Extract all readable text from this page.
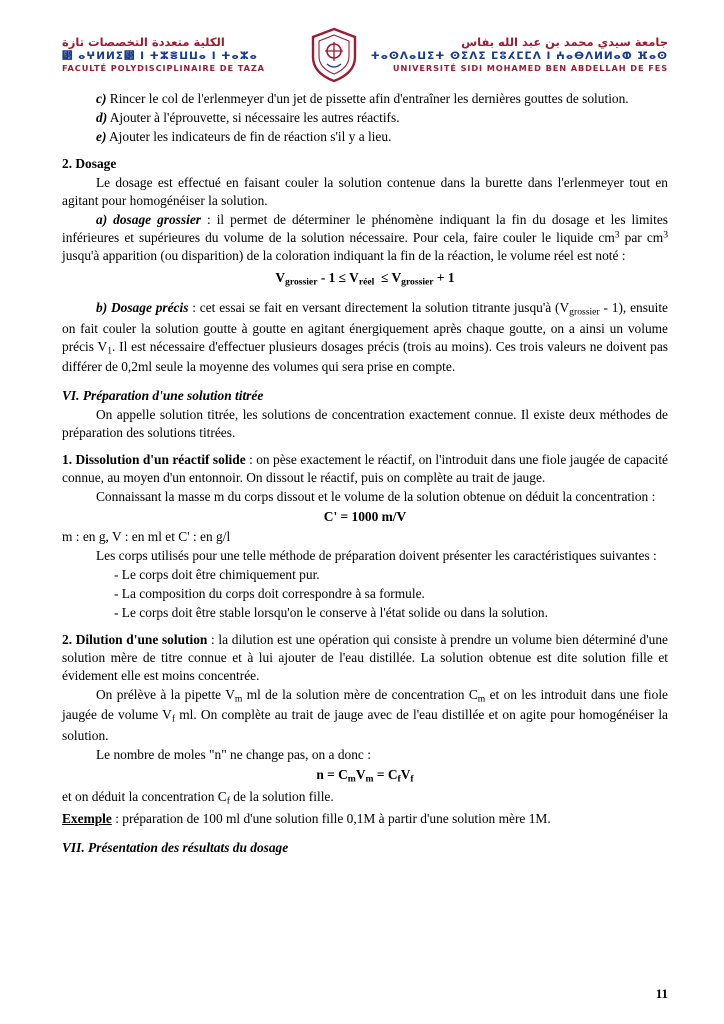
الكلية متعددة التخصصات تازة
⵲ ⴰⵖⵍⵍⵉ⵲ ⵏ ⵜⵣⴻⵡⵡⴰ ⵏ ⵜⴰⵣⴰ
FACULTÉ POLYDISCIPLINAIRE DE TAZA
جامعة سيدي محمد بن عبد الله بفاس
ⵜⴰⵙⴷⴰⵡⵉⵜ ⵙⵉⴷⵉ ⵎⵓⵃⵎⵎⴷ ⵏ ⵄⴰⴱⴷⵍⵍⴰⵀ ⴼⴰⵙ
UNIVERSITÉ SIDI MOHAMED BEN ABDELLAH DE FES

c) Rincer le col de l'erlenmeyer d'un jet de pissette afin d'entraîner les dernières gouttes de solution.

d) Ajouter à l'éprouvette, si nécessaire les autres réactifs.

e) Ajouter les indicateurs de fin de réaction s'il y a lieu.

2. Dosage

Le dosage est effectué en faisant couler la solution contenue dans la burette dans l'erlenmeyer tout en agitant pour homogénéiser la solution.

a) dosage grossier : il permet de déterminer le phénomène indiquant la fin du dosage et les limites inférieures et supérieures du volume de la solution nécessaire. Pour cela, faire couler le liquide $cm^3$ par $cm^3$ jusqu'à apparition (ou disparition) de la coloration indiquant la fin de la réaction, le volume réel est noté :

$V_{grossier} - 1 \le V_{réel} \le V_{grossier} + 1$

b) Dosage précis : cet essai se fait en versant directement la solution titrante jusqu'à $(V_{grossier} - 1)$, ensuite on fait couler la solution goutte à goutte en agitant énergiquement après chaque goutte, on a ainsi un volume précis $V_1$. Il est nécessaire d'effectuer plusieurs dosages précis (trois au moins). Ces trois valeurs ne doivent pas différer de 0,2ml seule la moyenne des volumes qui sera prise en compte.

VI. Préparation d'une solution titrée

On appelle solution titrée, les solutions de concentration exactement connue. Il existe deux méthodes de préparation des solutions titrées.

1. Dissolution d'un réactif solide : on pèse exactement le réactif, on l'introduit dans une fiole jaugée de capacité connue, au moyen d'un entonnoir. On dissout le réactif, puis on complète au trait de jauge.

Connaissant la masse m du corps dissout et le volume de la solution obtenue on déduit la concentration :

C' = 1000 m/V

m : en g, V : en ml et C' : en g/l

Les corps utilisés pour une telle méthode de préparation doivent présenter les caractéristiques suivantes :

- Le corps doit être chimiquement pur.

- La composition du corps doit correspondre à sa formule.

- Le corps doit être stable lorsqu'on le conserve à l'état solide ou dans la solution.

2. Dilution d'une solution : la dilution est une opération qui consiste à prendre un volume bien déterminé d'une solution mère de titre connue et à lui ajouter de l'eau distillée. La solution obtenue est dite solution fille et évidement elle est moins concentrée.

On prélève à la pipette $V_m$ ml de la solution mère de concentration $C_m$ et on les introduit dans une fiole jaugée de volume $V_f$ ml. On complète au trait de jauge avec de l'eau distillée et on agite pour homogénéiser la solution.

Le nombre de moles "n" ne change pas, on a donc :

$n = C_mV_m = C_fV_f$

et on déduit la concentration $C_f$ de la solution fille.

Exemple : préparation de 100 ml d'une solution fille 0,1M à partir d'une solution mère 1M.

VII. Présentation des résultats du dosage

11
